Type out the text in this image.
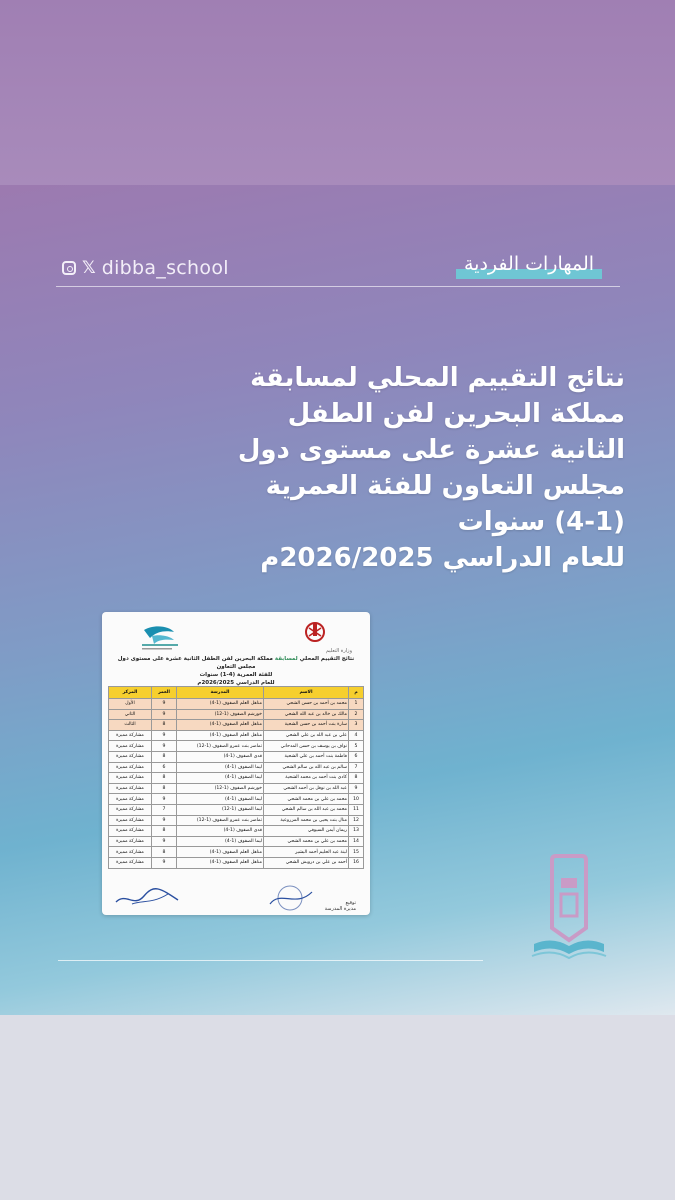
𝕏 dibba_school	المهارات الفردية
نتائج التقييم المحلي لمسابقة
مملكة البحرين لفن الطفل
الثانية عشرة على مستوى دول
مجلس التعاون للفئة العمرية
(4-1) سنوات
للعام الدراسي 2026/2025م
وزارة التعليم
نتائج التقييم المحلي لمسابقة مملكة البحرين لفن الطفل الثانية عشرة على مستوى دول مجلس التعاون
للفئة العمرية (4-1) سنوات
للعام الدراسي 2026/2025م
م	الاسم	المدرسة	العمر	المركز
1	محمد بن أحمد بن حسن الشحي	مناهل العلم الصفوف (1-4)	9	الأول
2	مالك بن خالد بن عبد الله الشحي	خورشم الصفوف (1-12)	9	الثاني
3	سارة بنت أحمد بن حسن الشحية	مناهل العلم الصفوف (1-4)	8	الثالث
4	علي بن عبد الله بن علي الشحي	مناهل العلم الصفوف (1-4)	9	مشاركة مميزة
5	نواف بن يوسف بن حسن المدحاني	تماضر بنت عمرو الصفوف (1-12)	9	مشاركة مميزة
6	فاطمة بنت أحمد بن علي الشحية	قدى الصفوف (1-4)	8	مشاركة مميزة
7	سالم بن عبد الله بن سالم الشحي	ليما الصفوف (1-4)	6	مشاركة مميزة
8	كادي بنت أحمد بن محمد الشحية	ليما الصفوف (1-4)	8	مشاركة مميزة
9	عبد الله بن نوفل بن أحمد الشحي	خورشم الصفوف (1-12)	8	مشاركة مميزة
10	محمد بن علي بن محمد الشحي	ليما الصفوف (1-4)	9	مشاركة مميزة
11	محمد بن عبد الله بن سالم الشحي	ليما الصفوف (1-12)	7	مشاركة مميزة
12	منال بنت يحيى بن محمد المزروعية	تماضر بنت عمرو الصفوف (1-12)	9	مشاركة مميزة
13	ريمان أيمن السيوفي	قدى الصفوف (1-4)	8	مشاركة مميزة
14	محمد بن علي بن محمد الشحي	ليما الصفوف (1-4)	9	مشاركة مميزة
15	لبنة عبد الحليم أحمد البشير	مناهل العلم الصفوف (1-4)	8	مشاركة مميزة
16	أحمد بن علي بن درويش الشحي	مناهل العلم الصفوف (1-4)	9	مشاركة مميزة
توقيع
مديرة المدرسة
